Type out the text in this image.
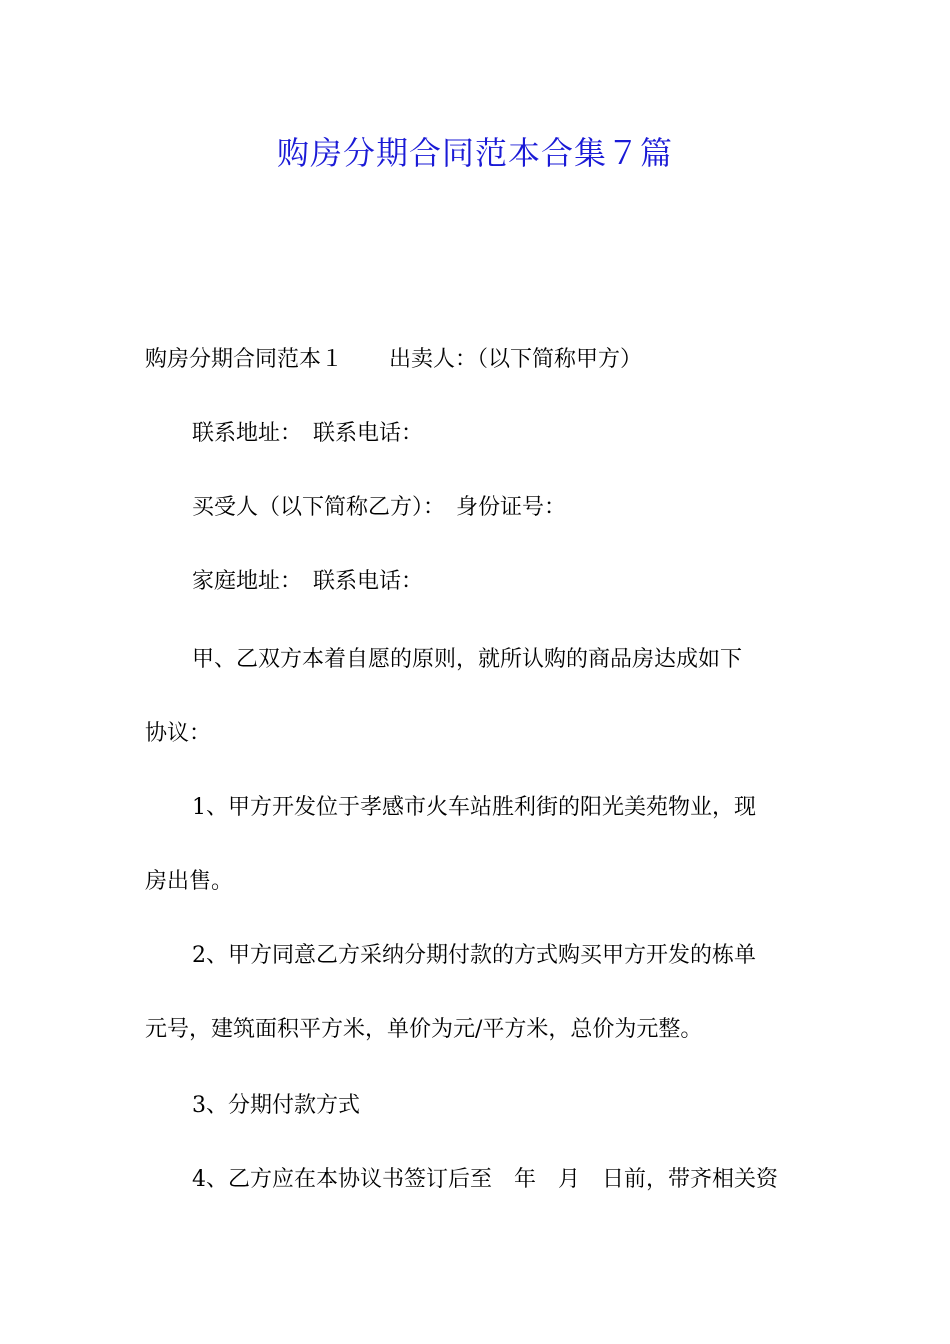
购房分期合同范本合集７篇
购房分期合同范本１ 出卖人：（以下简称甲方）
联系地址：　联系电话：
买受人（以下简称乙方）：　身份证号：
家庭地址：　联系电话：
甲、乙双方本着自愿的原则，就所认购的商品房达成如下
协议：
1、甲方开发位于孝感市火车站胜利街的阳光美苑物业，现
房出售。
2、甲方同意乙方采纳分期付款的方式购买甲方开发的栋单
元号，建筑面积平方米，单价为元/平方米，总价为元整。
3、分期付款方式
4、乙方应在本协议书签订后至　年　月　日前，带齐相关资
